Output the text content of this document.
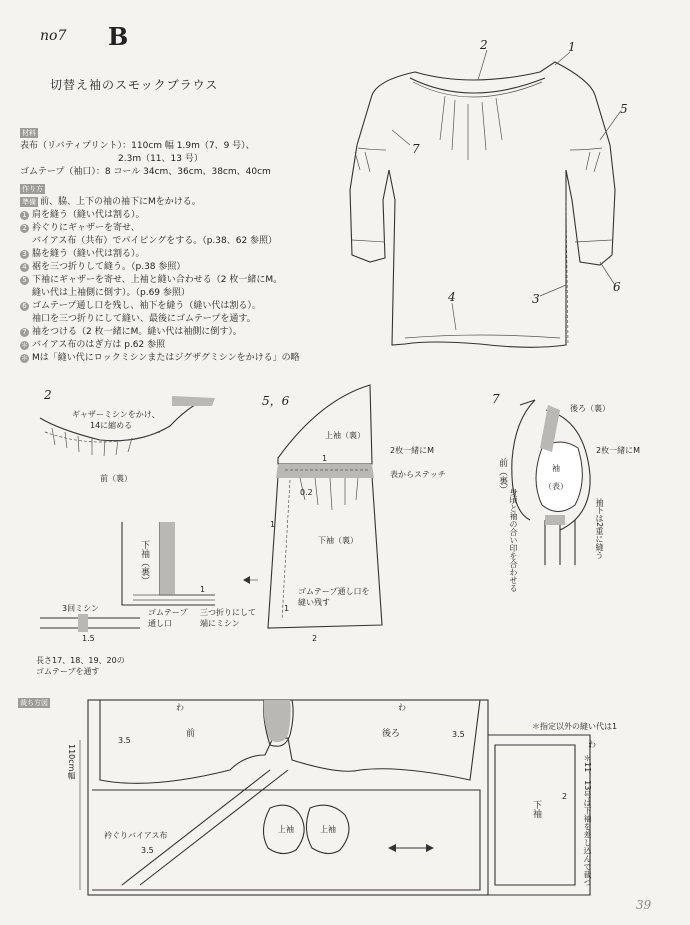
no7 B
切替え袖のスモックブラウス
材料
表布（リバティプリント）：110cm 幅 1.9m（7、9 号）、
2.3m（11、13 号）
ゴムテープ（袖口）：8 コール 34cm、36cm、38cm、40cm
作り方
準備 前、脇、上下の袖の袖下にMをかける。
1 肩を縫う（縫い代は割る）。
2 衿ぐりにギャザーを寄せ、
バイアス布（共布）でパイピングをする。（p.38、62 参照）
3 脇を縫う（縫い代は割る）。
4 裾を三つ折りして縫う。（p.38 参照）
5 下袖にギャザーを寄せ、上袖と縫い合わせる（2 枚一緒にM。
縫い代は上袖側に倒す）。（p.69 参照）
6 ゴムテープ通し口を残し、袖下を縫う（縫い代は割る）。
袖口を三つ折りにして縫い、最後にゴムテープを通す。
7 袖をつける（2 枚一緒にM。縫い代は袖側に倒す）。
＊ バイアス布のはぎ方は p.62 参照
＊ Mは「縫い代にロックミシンまたはジグザグミシンをかける」の略
2	1
5
7
6
3
4
2
ギャザーミシンをかけ、
14に縮める
前（裏）
5，6
上袖（裏）
2枚一緒にM
1
表からステッチ
0.2
1
下袖（裏）
ゴムテープ通し口を
縫い残す
1
2
下袖（裏）
1
三つ折りにして
端にミシン
ゴムテープ
通し口
3回ミシン
1.5
長さ17、18、19、20の
ゴムテープを通す
7
後ろ（裏）
2枚一緒にM
袖
（表）
前（裏）
身頃と袖の合い印を合わせる	袖下は2重に縫う
裁ち方図
110cm幅
わ	わ
わ
3.5
3.5
3.5
前	後ろ
上袖	上袖
下袖
衿ぐりバイアス布
＊指定以外の縫い代は1
2 ＊11、13号は下袖を差し込んで裁つ
39
